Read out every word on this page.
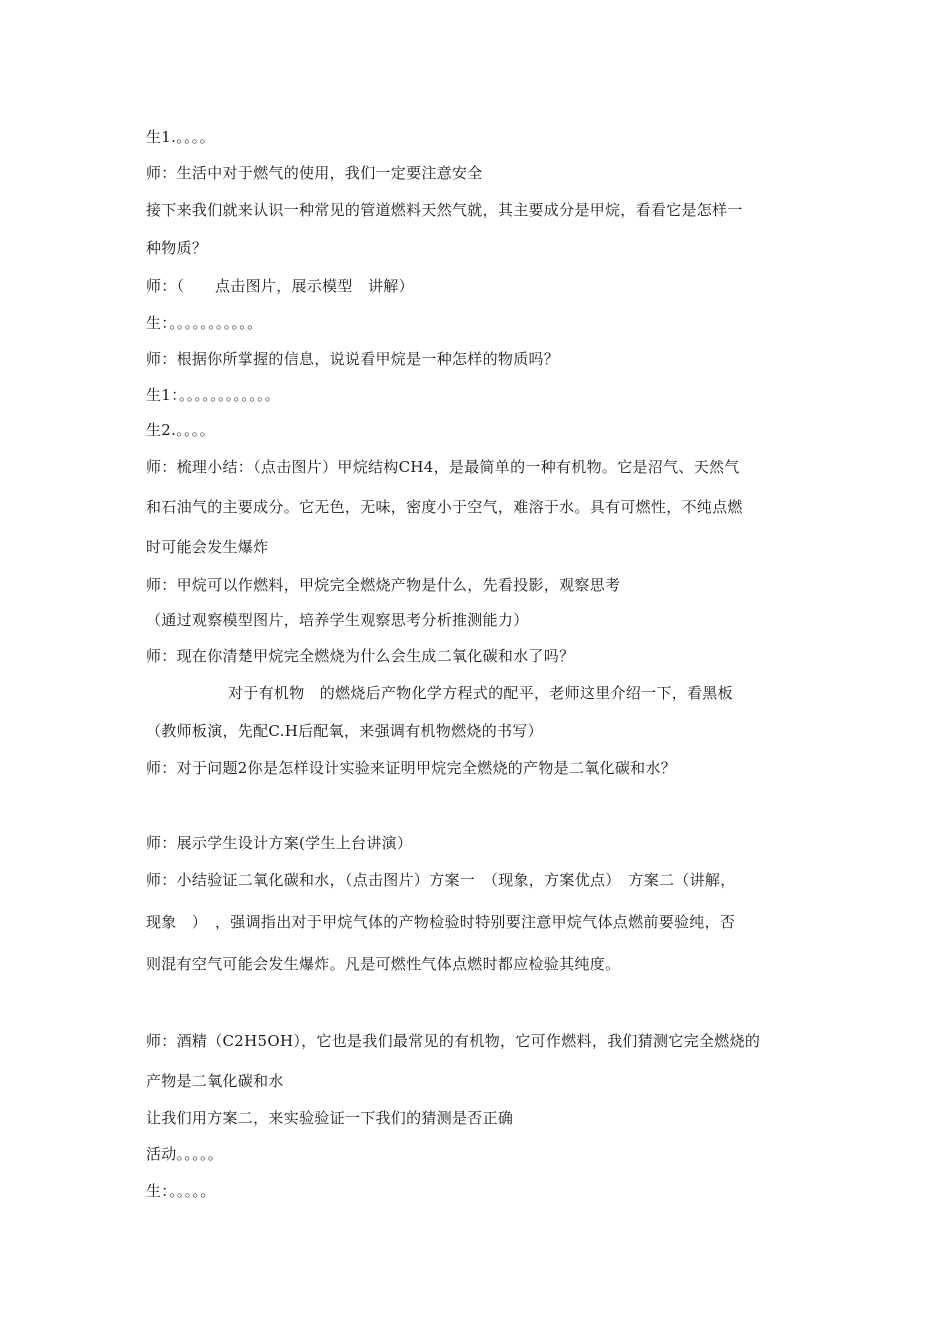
生1.。。。。
师：生活中对于燃气的使用，我们一定要注意安全
接下来我们就来认识一种常见的管道燃料天然气就，其主要成分是甲烷，看看它是怎样一
种物质？
师：（　　点击图片，展示模型　讲解）
生：。。。。。。。。。。。
师：根据你所掌握的信息，说说看甲烷是一种怎样的物质吗？
生1：。。。。。。。。。。。。
生2.。。。。
师：梳理小结：（点击图片）甲烷结构CH4，是最简单的一种有机物。它是沼气、天然气
和石油气的主要成分。它无色，无味，密度小于空气，难溶于水。具有可燃性，不纯点燃
时可能会发生爆炸
师：甲烷可以作燃料，甲烷完全燃烧产物是什么，先看投影，观察思考
（通过观察模型图片，培养学生观察思考分析推测能力）
师：现在你清楚甲烷完全燃烧为什么会生成二氧化碳和水了吗？
对于有机物　的燃烧后产物化学方程式的配平，老师这里介绍一下，看黑板
（教师板演，先配C.H后配氧，来强调有机物燃烧的书写）
师：对于问题2你是怎样设计实验来证明甲烷完全燃烧的产物是二氧化碳和水？
师：展示学生设计方案(学生上台讲演）
师：小结验证二氧化碳和水，（点击图片）方案一　（现象，方案优点）　方案二（讲解，
现象　）　，强调指出对于甲烷气体的产物检验时特别要注意甲烷气体点燃前要验纯，否
则混有空气可能会发生爆炸。凡是可燃性气体点燃时都应检验其纯度。
师：酒精（C2H5OH），它也是我们最常见的有机物，它可作燃料，我们猜测它完全燃烧的
产物是二氧化碳和水
让我们用方案二，来实验验证一下我们的猜测是否正确
活动。。。。。
生：。。。。。
